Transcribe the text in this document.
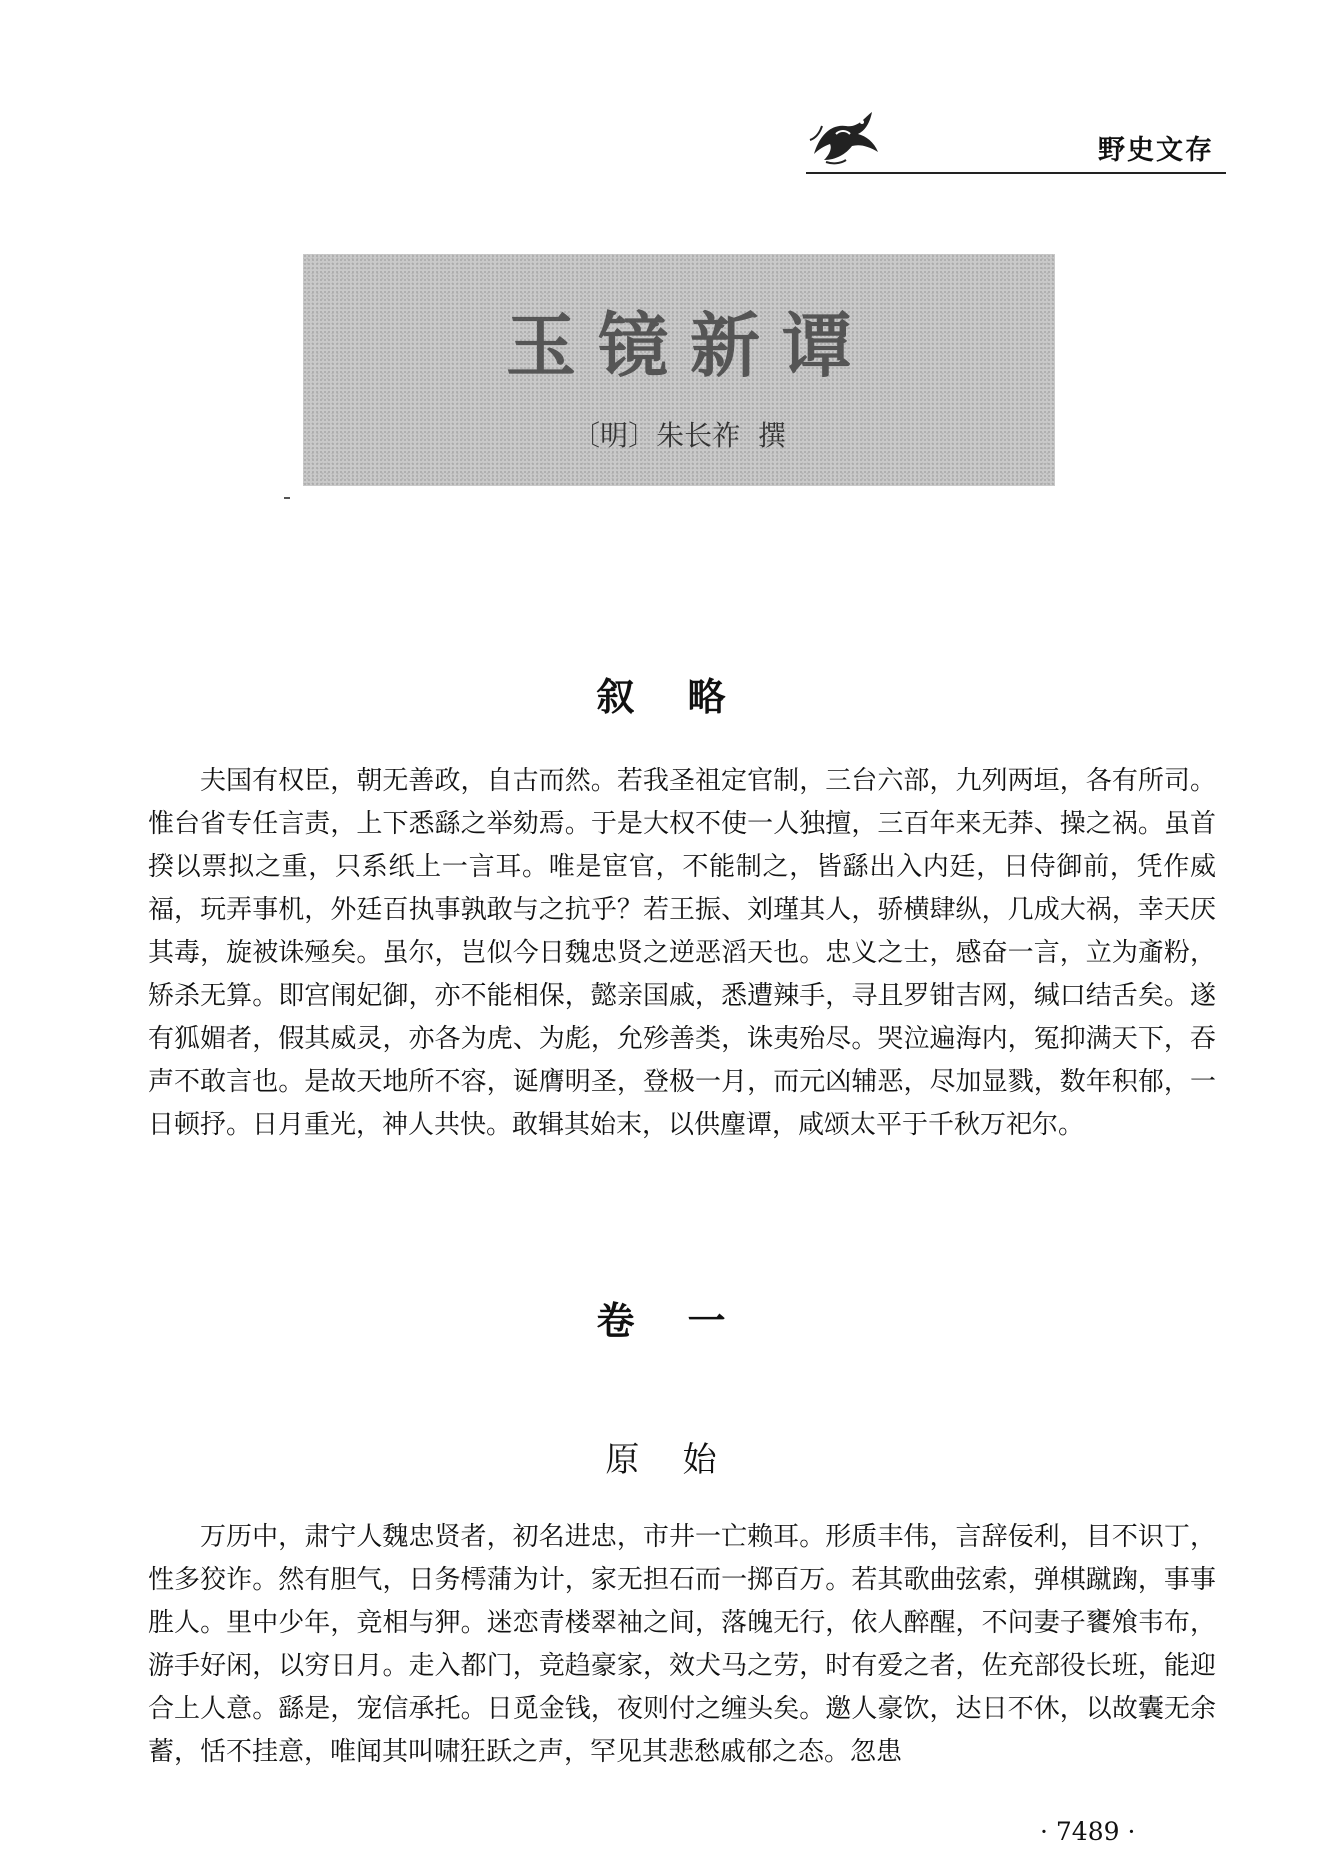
野史文存
玉镜新谭
〔明〕朱长祚  撰
叙    略

夫国有权臣，朝无善政，自古而然。若我圣祖定官制，三台六部，九列两垣，各有所司。惟台省专任言责，上下悉繇之举劾焉。于是大权不使一人独擅，三百年来无莽、操之祸。虽首揆以票拟之重，只系纸上一言耳。唯是宦官，不能制之，皆繇出入内廷，日侍御前，凭作威福，玩弄事机，外廷百执事孰敢与之抗乎？若王振、刘瑾其人，骄横肆纵，几成大祸，幸天厌其毒，旋被诛殛矣。虽尔，岂似今日魏忠贤之逆恶滔天也。忠义之士，感奋一言，立为齑粉，矫杀无算。即宫闱妃御，亦不能相保，懿亲国戚，悉遭辣手，寻且罗钳吉网，缄口结舌矣。遂有狐媚者，假其威灵，亦各为虎、为彪，允殄善类，诛夷殆尽。哭泣遍海内，冤抑满天下，吞声不敢言也。是故天地所不容，诞膺明圣，登极一月，而元凶辅恶，尽加显戮，数年积郁，一日顿抒。日月重光，神人共快。敢辑其始末，以供麈谭，咸颂太平于千秋万祀尔。

卷    一
原    始

万历中，肃宁人魏忠贤者，初名进忠，市井一亡赖耳。形质丰伟，言辞佞利，目不识丁，性多狡诈。然有胆气，日务樗蒲为计，家无担石而一掷百万。若其歌曲弦索，弹棋蹴踘，事事胜人。里中少年，竞相与狎。迷恋青楼翠袖之间，落魄无行，依人醉醒，不问妻子饔飧韦布，游手好闲，以穷日月。走入都门，竞趋豪家，效犬马之劳，时有爱之者，佐充部役长班，能迎合上人意。繇是，宠信承托。日觅金钱，夜则付之缠头矣。邀人豪饮，达日不休，以故囊无余蓄，恬不挂意，唯闻其叫啸狂跃之声，罕见其悲愁戚郁之态。忽患

· 7489 ·
